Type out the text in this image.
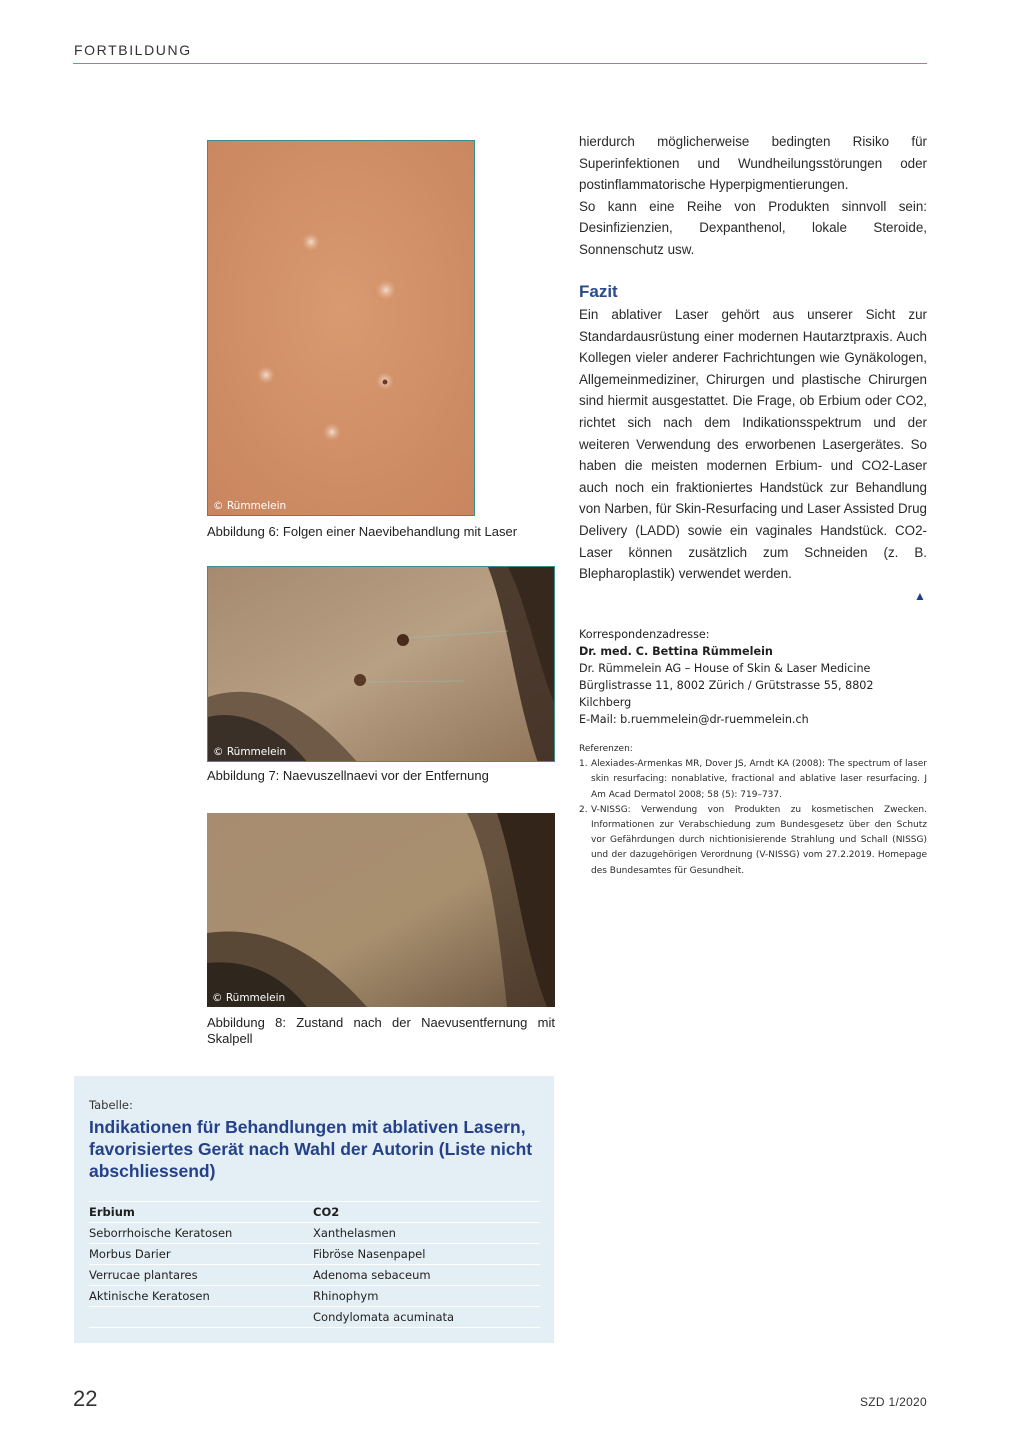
FORTBILDUNG
© Rümmelein
Abbildung 6: Folgen einer Naevibehandlung mit Laser
© Rümmelein
Abbildung 7: Naevuszellnaevi vor der Entfernung
© Rümmelein
Abbildung 8: Zustand nach der Naevusentfernung mit Skalpell

hierdurch möglicherweise bedingten Risiko für Superinfektionen und Wundheilungsstörungen oder postinflammatorische Hyperpigmentierungen.

So kann eine Reihe von Produkten sinnvoll sein: Desinfizienzien, Dexpanthenol, lokale Steroide, Sonnenschutz usw.

Fazit

Ein ablativer Laser gehört aus unserer Sicht zur Standardausrüstung einer modernen Hautarztpraxis. Auch Kollegen vieler anderer Fachrichtungen wie Gynäkologen, Allgemeinmediziner, Chirurgen und plastische Chirurgen sind hiermit ausgestattet. Die Frage, ob Erbium oder CO2, richtet sich nach dem Indikationsspektrum und der weiteren Verwendung des erworbenen Lasergerätes. So haben die meisten modernen Erbium- und CO2-Laser auch noch ein fraktioniertes Handstück zur Behandlung von Narben, für Skin-Resurfacing und Laser Assisted Drug Delivery (LADD) sowie ein vaginales Handstück. CO2-Laser können zusätzlich zum Schneiden (z. B. Blepharoplastik) verwendet werden.

▲
Korrespondenzadresse:
Dr. med. C. Bettina Rümmelein
Dr. Rümmelein AG – House of Skin & Laser Medicine
Bürglistrasse 11, 8002 Zürich / Grütstrasse 55, 8802 Kilchberg
E-Mail: b.ruemmelein@dr-ruemmelein.ch
Referenzen:
1. Alexiades-Armenkas MR, Dover JS, Arndt KA (2008): The spectrum of laser skin resurfacing: nonablative, fractional and ablative laser resurfacing. J Am Acad Dermatol 2008; 58 (5): 719–737.
2. V-NISSG: Verwendung von Produkten zu kosmetischen Zwecken. Informationen zur Verabschiedung zum Bundesgesetz über den Schutz vor Gefährdungen durch nichtionisierende Strahlung und Schall (NISSG) und der dazugehörigen Verordnung (V-NISSG) vom 27.2.2019. Homepage des Bundesamtes für Gesundheit.
Tabelle:
Indikationen für Behandlungen mit ablativen Lasern, favorisiertes Gerät nach Wahl der Autorin (Liste nicht abschliessend)
Erbium	CO2
Seborrhoische Keratosen	Xanthelasmen
Morbus Darier	Fibröse Nasenpapel
Verrucae plantares	Adenoma sebaceum
Aktinische Keratosen	Rhinophym
	Condylomata acuminata
22	SZD 1/2020
